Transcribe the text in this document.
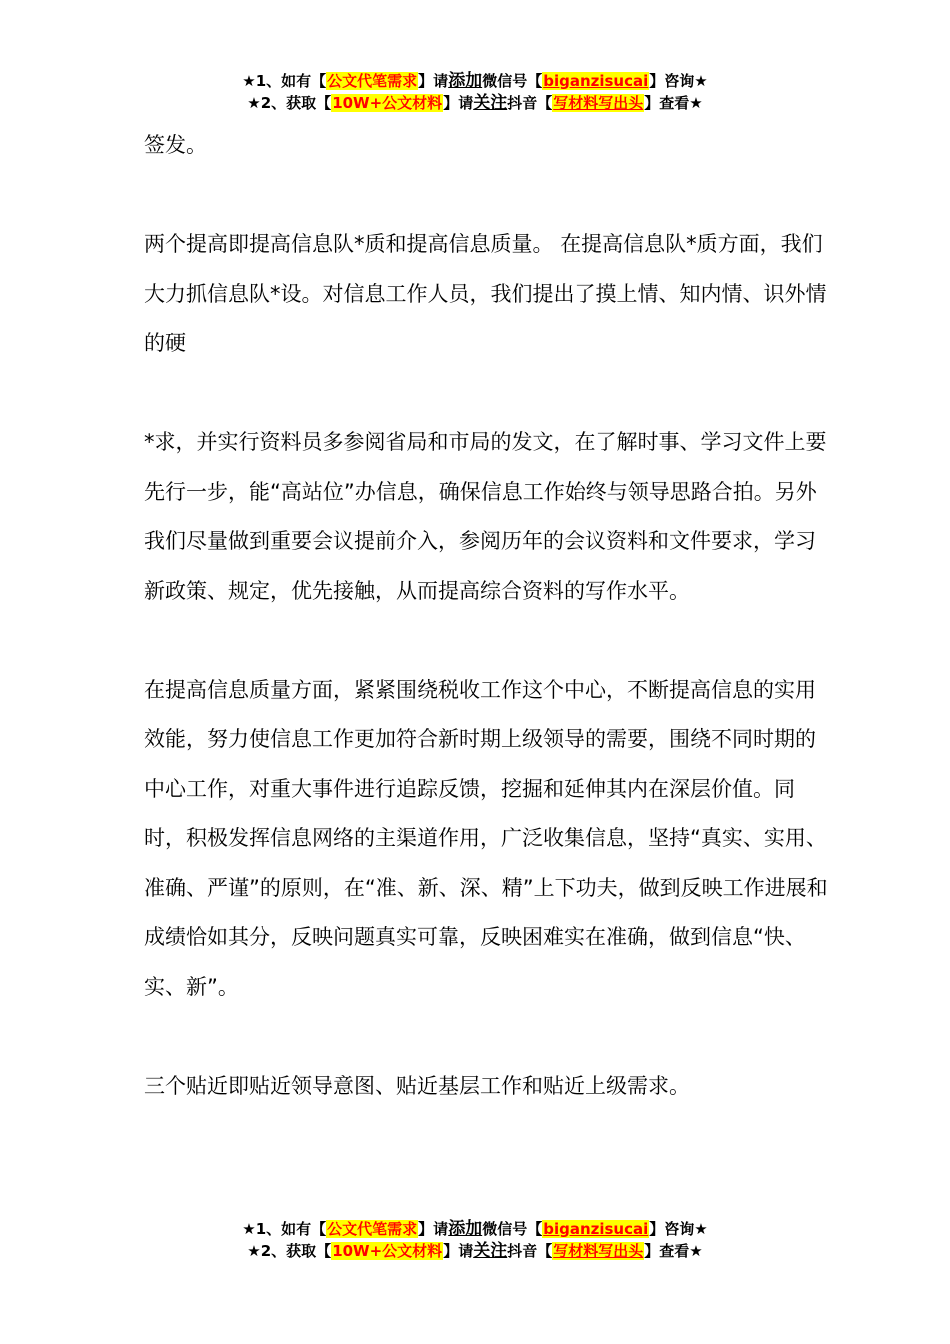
★1、如有【公文代笔需求】请添加微信号【biganzisucai】咨询★
★2、获取【10W+公文材料】请关注抖音【写材料写出头】查看★

签发。

两个提高即提高信息队*质和提高信息质量。 在提高信息队*质方面，我们大力抓信息队*设。对信息工作人员，我们提出了摸上情、知内情、识外情的硬

*求，并实行资料员多参阅省局和市局的发文，在了解时事、学习文件上要先行一步，能“高站位”办信息，确保信息工作始终与领导思路合拍。另外我们尽量做到重要会议提前介入，参阅历年的会议资料和文件要求，学习新政策、规定，优先接触，从而提高综合资料的写作水平。

在提高信息质量方面，紧紧围绕税收工作这个中心，不断提高信息的实用效能，努力使信息工作更加符合新时期上级领导的需要，围绕不同时期的中心工作，对重大事件进行追踪反馈，挖掘和延伸其内在深层价值。同时，积极发挥信息网络的主渠道作用，广泛收集信息，坚持“真实、实用、准确、严谨”的原则，在“准、新、深、精”上下功夫，做到反映工作进展和成绩恰如其分，反映问题真实可靠，反映困难实在准确，做到信息“快、实、新”。

三个贴近即贴近领导意图、贴近基层工作和贴近上级需求。

★1、如有【公文代笔需求】请添加微信号【biganzisucai】咨询★
★2、获取【10W+公文材料】请关注抖音【写材料写出头】查看★
